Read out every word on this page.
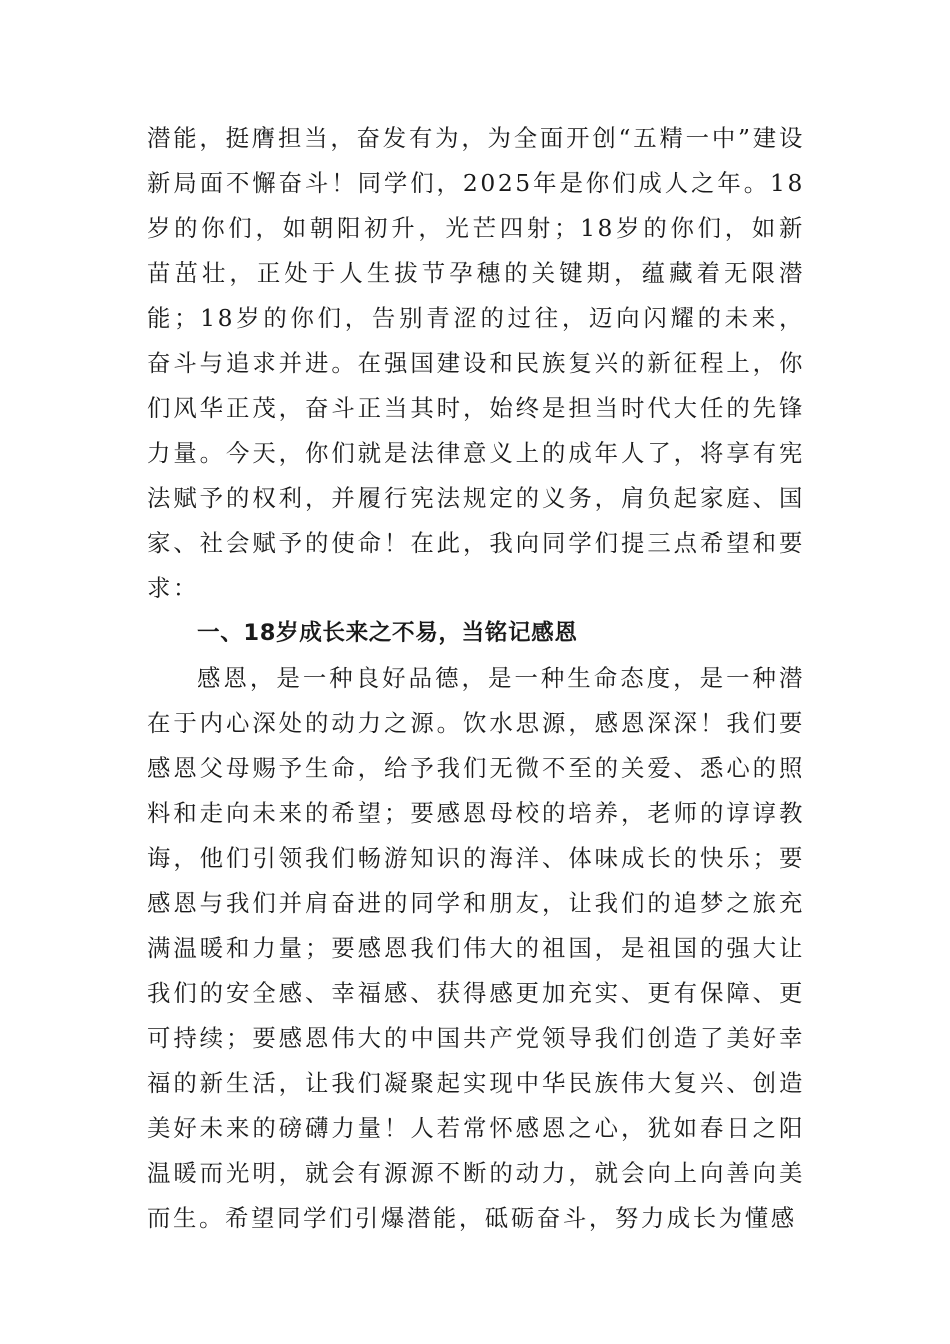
潜能，挺膺担当，奋发有为，为全面开创“五精一中”建设新局面不懈奋斗！同学们，2025年是你们成人之年。18岁的你们，如朝阳初升，光芒四射；18岁的你们，如新苗茁壮，正处于人生拔节孕穗的关键期，蕴藏着无限潜能；18岁的你们，告别青涩的过往，迈向闪耀的未来，奋斗与追求并进。在强国建设和民族复兴的新征程上，你们风华正茂，奋斗正当其时，始终是担当时代大任的先锋力量。今天，你们就是法律意义上的成年人了，将享有宪法赋予的权利，并履行宪法规定的义务，肩负起家庭、国家、社会赋予的使命！在此，我向同学们提三点希望和要求：

一、18岁成长来之不易，当铭记感恩

感恩，是一种良好品德，是一种生命态度，是一种潜在于内心深处的动力之源。饮水思源，感恩深深！我们要感恩父母赐予生命，给予我们无微不至的关爱、悉心的照料和走向未来的希望；要感恩母校的培养，老师的谆谆教诲，他们引领我们畅游知识的海洋、体味成长的快乐；要感恩与我们并肩奋进的同学和朋友，让我们的追梦之旅充满温暖和力量；要感恩我们伟大的祖国，是祖国的强大让我们的安全感、幸福感、获得感更加充实、更有保障、更可持续；要感恩伟大的中国共产党领导我们创造了美好幸福的新生活，让我们凝聚起实现中华民族伟大复兴、创造美好未来的磅礴力量！人若常怀感恩之心，犹如春日之阳温暖而光明，就会有源源不断的动力，就会向上向善向美而生。希望同学们引爆潜能，砥砺奋斗，努力成长为懂感
